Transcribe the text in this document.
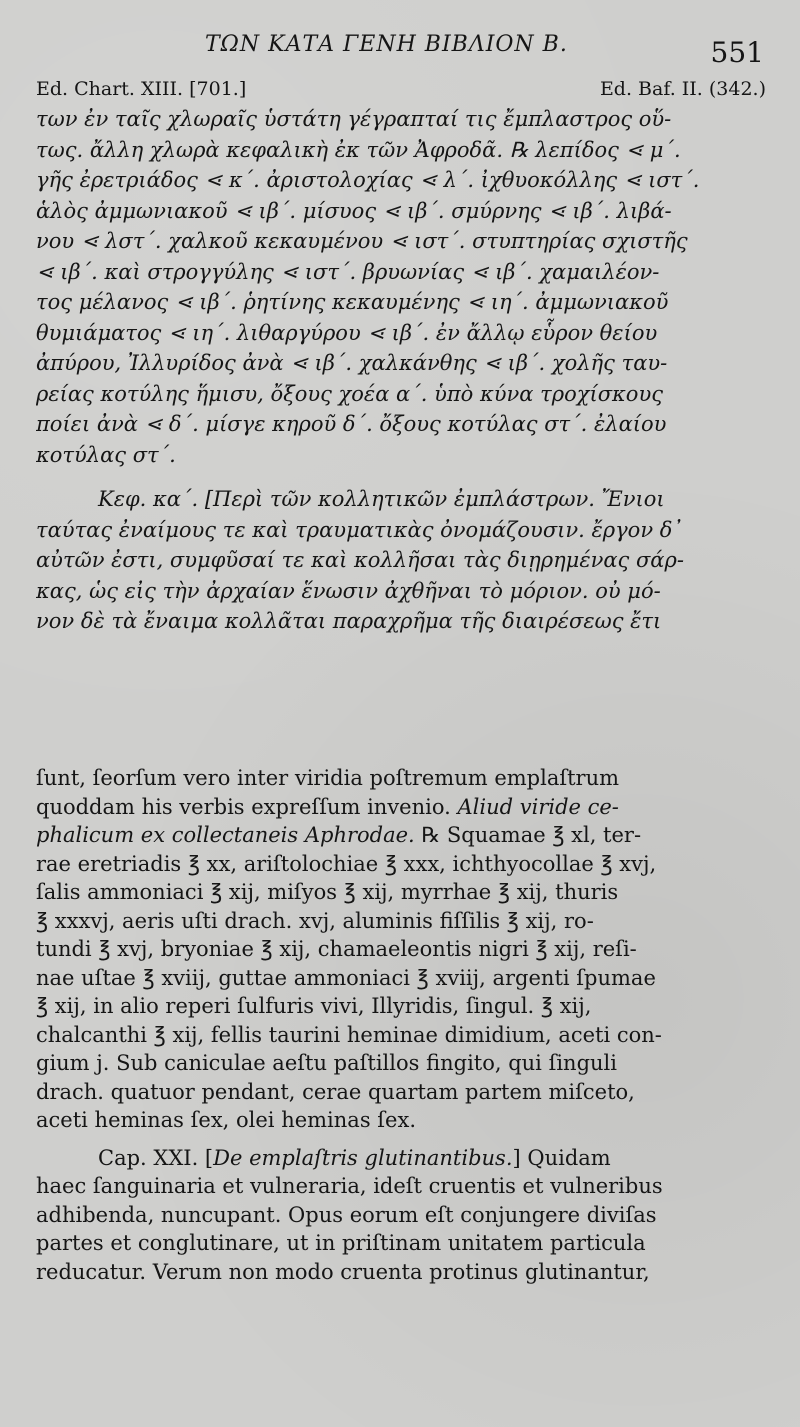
ΤΩΝ ΚΑΤΑ ΓΕΝΗ ΒΙΒΛΙΟΝ Β.	551
Ed. Chart. XIII. [701.]	Ed. Baf. II. (342.)
των ἐν ταῖς χλωραῖς ὑστάτη γέγραπταί τις ἔμπλαστρος οὕ-
τως. ἄλλη χλωρὰ κεφαλικὴ ἐκ τῶν Ἀφροδᾶ. ℞ λεπίδος ⋖ μ΄.
γῆς ἐρετριάδος ⋖ κ΄. ἀριστολοχίας ⋖ λ΄. ἰχθυοκόλλης ⋖ ιστ΄.
ἁλὸς ἀμμωνιακοῦ ⋖ ιβ΄. μίσυος ⋖ ιβ΄. σμύρνης ⋖ ιβ΄. λιβά-
νου ⋖ λστ΄. χαλκοῦ κεκαυμένου ⋖ ιστ΄. στυπτηρίας σχιστῆς
⋖ ιβ΄. καὶ στρογγύλης ⋖ ιστ΄. βρυωνίας ⋖ ιβ΄. χαμαιλέον-
τος μέλανος ⋖ ιβ΄. ῥητίνης κεκαυμένης ⋖ ιη΄. ἀμμωνιακοῦ
θυμιάματος ⋖ ιη΄. λιθαργύρου ⋖ ιβ΄. ἐν ἄλλῳ εὗρον θείου
ἀπύρου, Ἰλλυρίδος ἀνὰ ⋖ ιβ΄. χαλκάνθης ⋖ ιβ΄. χολῆς ταυ-
ρείας κοτύλης ἥμισυ, ὄξους χοέα α΄. ὑπὸ κύνα τροχίσκους
ποίει ἀνὰ ⋖ δ΄. μίσγε κηροῦ δ΄. ὄξους κοτύλας στ΄. ἐλαίου
κοτύλας στ΄.
Κεφ. κα΄. [Περὶ τῶν κολλητικῶν ἐμπλάστρων. Ἔνιοι
ταύτας ἐναίμους τε καὶ τραυματικὰς ὀνομάζουσιν. ἔργον δ᾽
αὐτῶν ἐστι, συμφῦσαί τε καὶ κολλῆσαι τὰς διῃρημένας σάρ-
κας, ὡς εἰς τὴν ἀρχαίαν ἕνωσιν ἀχθῆναι τὸ μόριον. οὐ μό-
νον δὲ τὰ ἔναιμα κολλᾶται παραχρῆμα τῆς διαιρέσεως ἔτι
ſunt, ſeorſum vero inter viridia poſtremum emplaſtrum
quoddam his verbis expreſſum invenio. Aliud viride ce-
phalicum ex collectaneis Aphrodae. ℞ Squamae ℥ xl, ter-
rae eretriadis ℥ xx, ariſtolochiae ℥ xxx, ichthyocollae ℥ xvj,
ſalis ammoniaci ℥ xij, miſyos ℥ xij, myrrhae ℥ xij, thuris
℥ xxxvj, aeris uſti drach. xvj, aluminis fiſſilis ℥ xij, ro-
tundi ℥ xvj, bryoniae ℥ xij, chamaeleontis nigri ℥ xij, reſi-
nae uſtae ℥ xviij, guttae ammoniaci ℥ xviij, argenti ſpumae
℥ xij, in alio reperi ſulfuris vivi, Illyridis, ſingul. ℥ xij,
chalcanthi ℥ xij, fellis taurini heminae dimidium, aceti con-
gium j. Sub caniculae aeſtu paſtillos fingito, qui ſinguli
drach. quatuor pendant, cerae quartam partem miſceto,
aceti heminas ſex, olei heminas ſex.
Cap. XXI. [De emplaſtris glutinantibus.] Quidam
haec ſanguinaria et vulneraria, ideſt cruentis et vulneribus
adhibenda, nuncupant. Opus eorum eſt conjungere diviſas
partes et conglutinare, ut in priſtinam unitatem particula
reducatur. Verum non modo cruenta protinus glutinantur,
